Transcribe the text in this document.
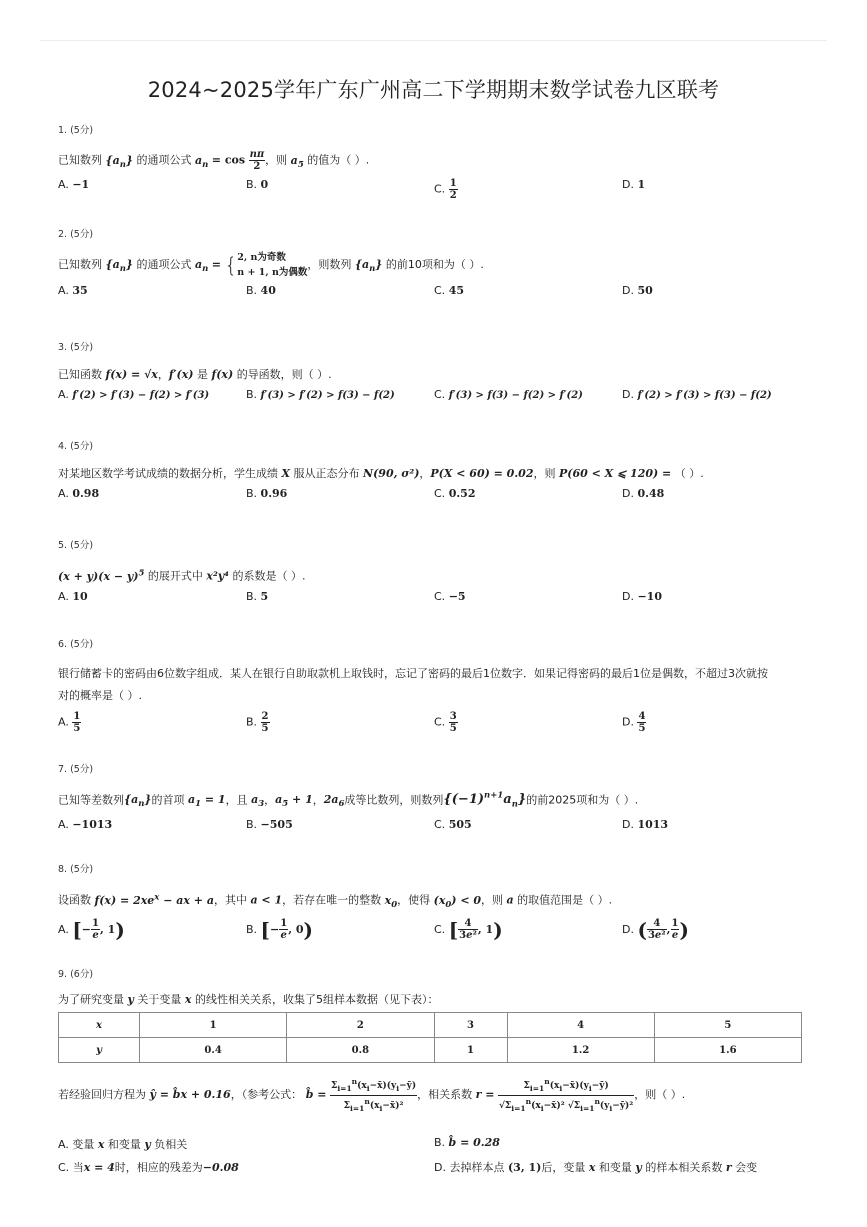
2024~2025学年广东广州高二下学期期末数学试卷九区联考
1. (5分)
已知数列 $\{a_n\}$ 的通项公式 $a_n = \cos \frac{n\pi}{2}$ ，则 $a_5$ 的值为（ ）.
A. −1	B. 0	C. $\frac{1}{2}$	D. 1
2. (5分)
已知数列 $\{a_n\}$ 的通项公式 $a_n$ = { 2, n为奇数
n + 1, n为偶数
，则数列 $\{a_n\}$ 的前10项和为（ ）.
A. 35	B. 40	C. 45	D. 50
3. (5分)
已知函数 f(x) = √x，f′(x) 是 f(x) 的导函数，则（ ）.
A. f′(2) > f′(3) − f(2) > f′(3)	B. f′(3) > f′(2) > f(3) − f(2)	C. f′(3) > f(3) − f(2) > f′(2)	D. f′(2) > f′(3) > f(3) − f(2)
4. (5分)
对某地区数学考试成绩的数据分析，学生成绩 X 服从正态分布 N(90, σ²)，P(X < 60) = 0.02，则 P(60 < X ⩽ 120) = （ ）.
A. 0.98	B. 0.96	C. 0.52	D. 0.48
5. (5分)
$(x + y)(x - y)^5$ 的展开式中 x²y⁴ 的系数是（ ）.
A. 10	B. 5	C. −5	D. −10
6. (5分)
银行储蓄卡的密码由6位数字组成．某人在银行自助取款机上取钱时，忘记了密码的最后1位数字．如果记得密码的最后1位是偶数，不超过3次就按
对的概率是（ ）.
A. $\frac{1}{5}$	B. $\frac{2}{5}$	C. $\frac{3}{5}$	D. $\frac{4}{5}$
7. (5分)
已知等差数列$\{a_n\}$的首项 $a_1 = 1$，且 $a_3$，$a_5 + 1$，$2a_6$成等比数列，则数列$\{(-1)^{n+1}a_n\}$的前2025项和为（ ）.
A. −1013	B. −505	C. 505	D. 1013
8. (5分)
设函数 $f(x) = 2xe^x$ − ax + a，其中 a < 1，若存在唯一的整数 $x_0$，使得 $(x_0) < 0$，则 a 的取值范围是（ ）.
A. [− $\frac{1}{e}$ , 1)	B. [− $\frac{1}{e}$ , 0)	C. [ $\frac{4}{\text{3e²}}$ , 1)	D. ( $\frac{4}{\text{3e²}}$ , $\frac{1}{e}$ )
9. (6分)
为了研究变量 y 关于变量 x 的线性相关关系，收集了5组样本数据（见下表）：
x	1	2	3	4	5
y	0.4	0.8	1	1.2	1.6
若经验回归方程为 ŷ = b̂x + 0.16，（参考公式： b̂ = $\frac{\Sigma_{i=1}^n(x_i-x̄)(y_i-ȳ)}{\Sigma_{i=1}^n(x_i-x̄)^2}$ ，相关系数 $r = \frac{\Sigma_{i=1}^n(x_i-x̄)(y_i-ȳ)}{√\Sigma_{i=1}^n(x_i-x̄)^2 √\Sigma_{i=1}^n(y_i-ȳ)^2}$ ，则（ ）.
A. 变量 x 和变量 y 负相关	B. b̂ = 0.28
C. 当x = 4时，相应的残差为−0.08	D. 去掉样本点 (3, 1)后，变量 x 和变量 y 的样本相关系数 r 会变
